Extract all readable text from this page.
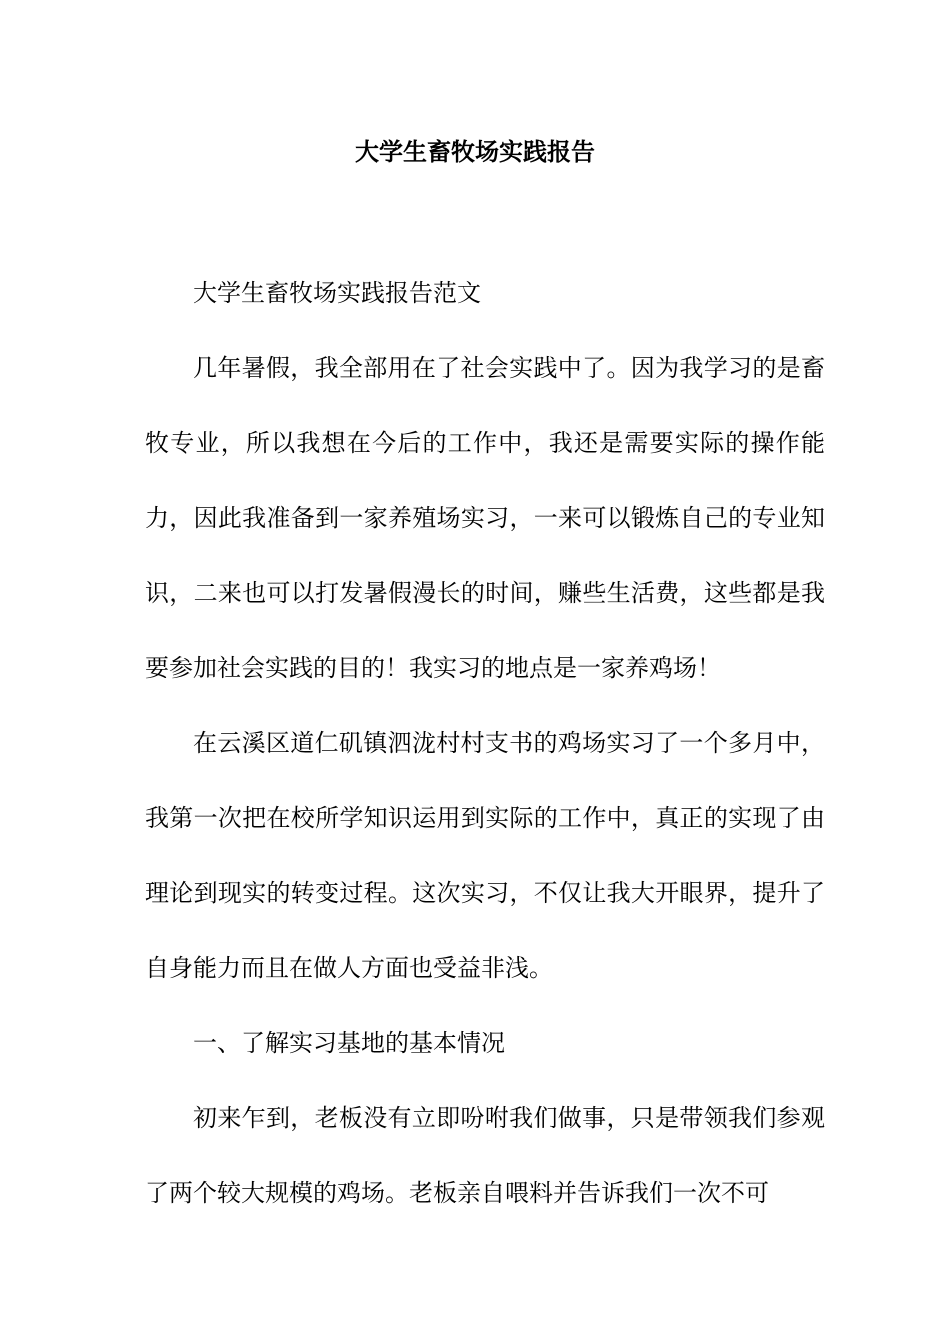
大学生畜牧场实践报告

大学生畜牧场实践报告范文

几年暑假，我全部用在了社会实践中了。因为我学习的是畜牧专业，所以我想在今后的工作中，我还是需要实际的操作能力，因此我准备到一家养殖场实习，一来可以锻炼自己的专业知识，二来也可以打发暑假漫长的时间，赚些生活费，这些都是我要参加社会实践的目的！我实习的地点是一家养鸡场！

在云溪区道仁矶镇泗泷村村支书的鸡场实习了一个多月中，我第一次把在校所学知识运用到实际的工作中，真正的实现了由理论到现实的转变过程。这次实习，不仅让我大开眼界，提升了自身能力而且在做人方面也受益非浅。

一、了解实习基地的基本情况

初来乍到，老板没有立即吩咐我们做事，只是带领我们参观了两个较大规模的鸡场。老板亲自喂料并告诉我们一次不可
